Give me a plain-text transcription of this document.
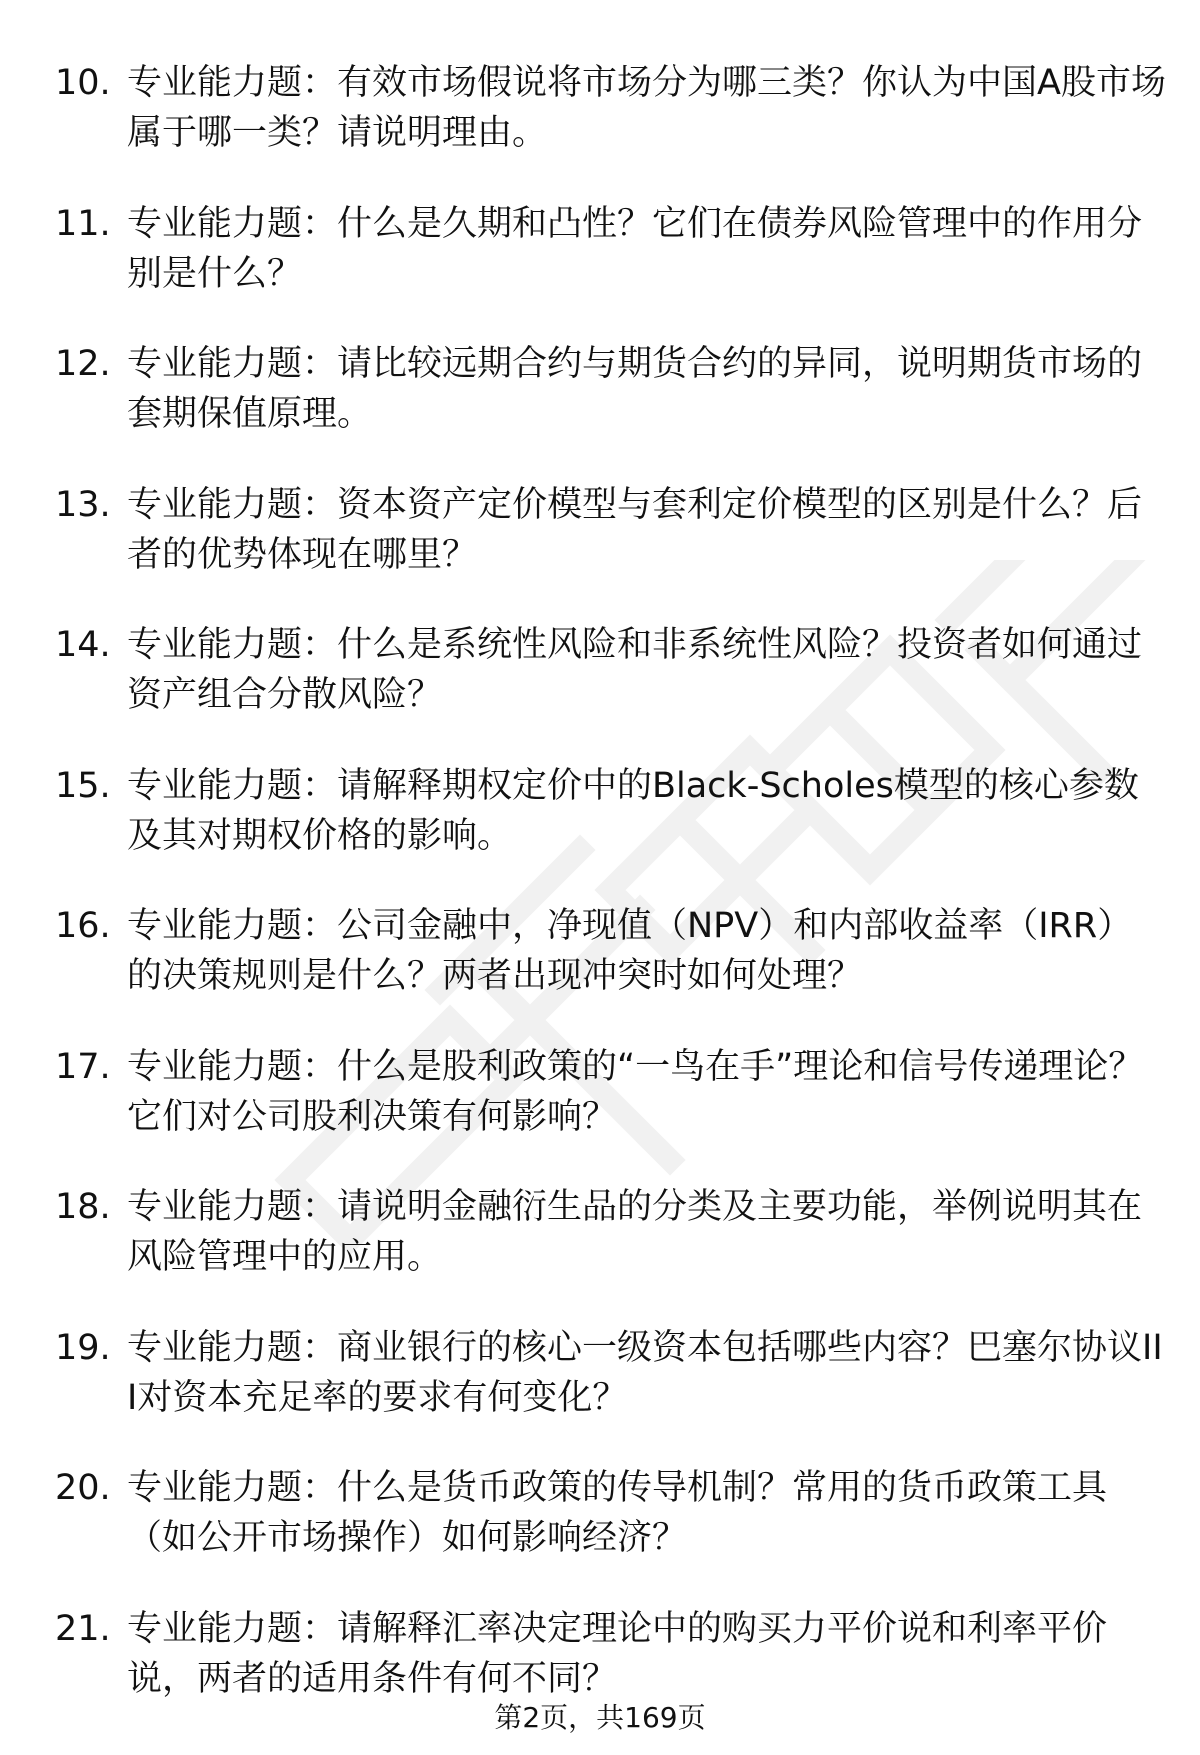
10. 专业能力题：有效市场假说将市场分为哪三类？你认为中国A股市场属于哪一类？请说明理由。
11. 专业能力题：什么是久期和凸性？它们在债券风险管理中的作用分别是什么？
12. 专业能力题：请比较远期合约与期货合约的异同，说明期货市场的套期保值原理。
13. 专业能力题：资本资产定价模型与套利定价模型的区别是什么？后者的优势体现在哪里？
14. 专业能力题：什么是系统性风险和非系统性风险？投资者如何通过资产组合分散风险？
15. 专业能力题：请解释期权定价中的Black-Scholes模型的核心参数及其对期权价格的影响。
16. 专业能力题：公司金融中，净现值（NPV）和内部收益率（IRR）的决策规则是什么？两者出现冲突时如何处理？
17. 专业能力题：什么是股利政策的“一鸟在手”理论和信号传递理论？它们对公司股利决策有何影响？
18. 专业能力题：请说明金融衍生品的分类及主要功能，举例说明其在风险管理中的应用。
19. 专业能力题：商业银行的核心一级资本包括哪些内容？巴塞尔协议III对资本充足率的要求有何变化？
20. 专业能力题：什么是货币政策的传导机制？常用的货币政策工具（如公开市场操作）如何影响经济？
21. 专业能力题：请解释汇率决定理论中的购买力平价说和利率平价说，两者的适用条件有何不同？
第2页，共169页
